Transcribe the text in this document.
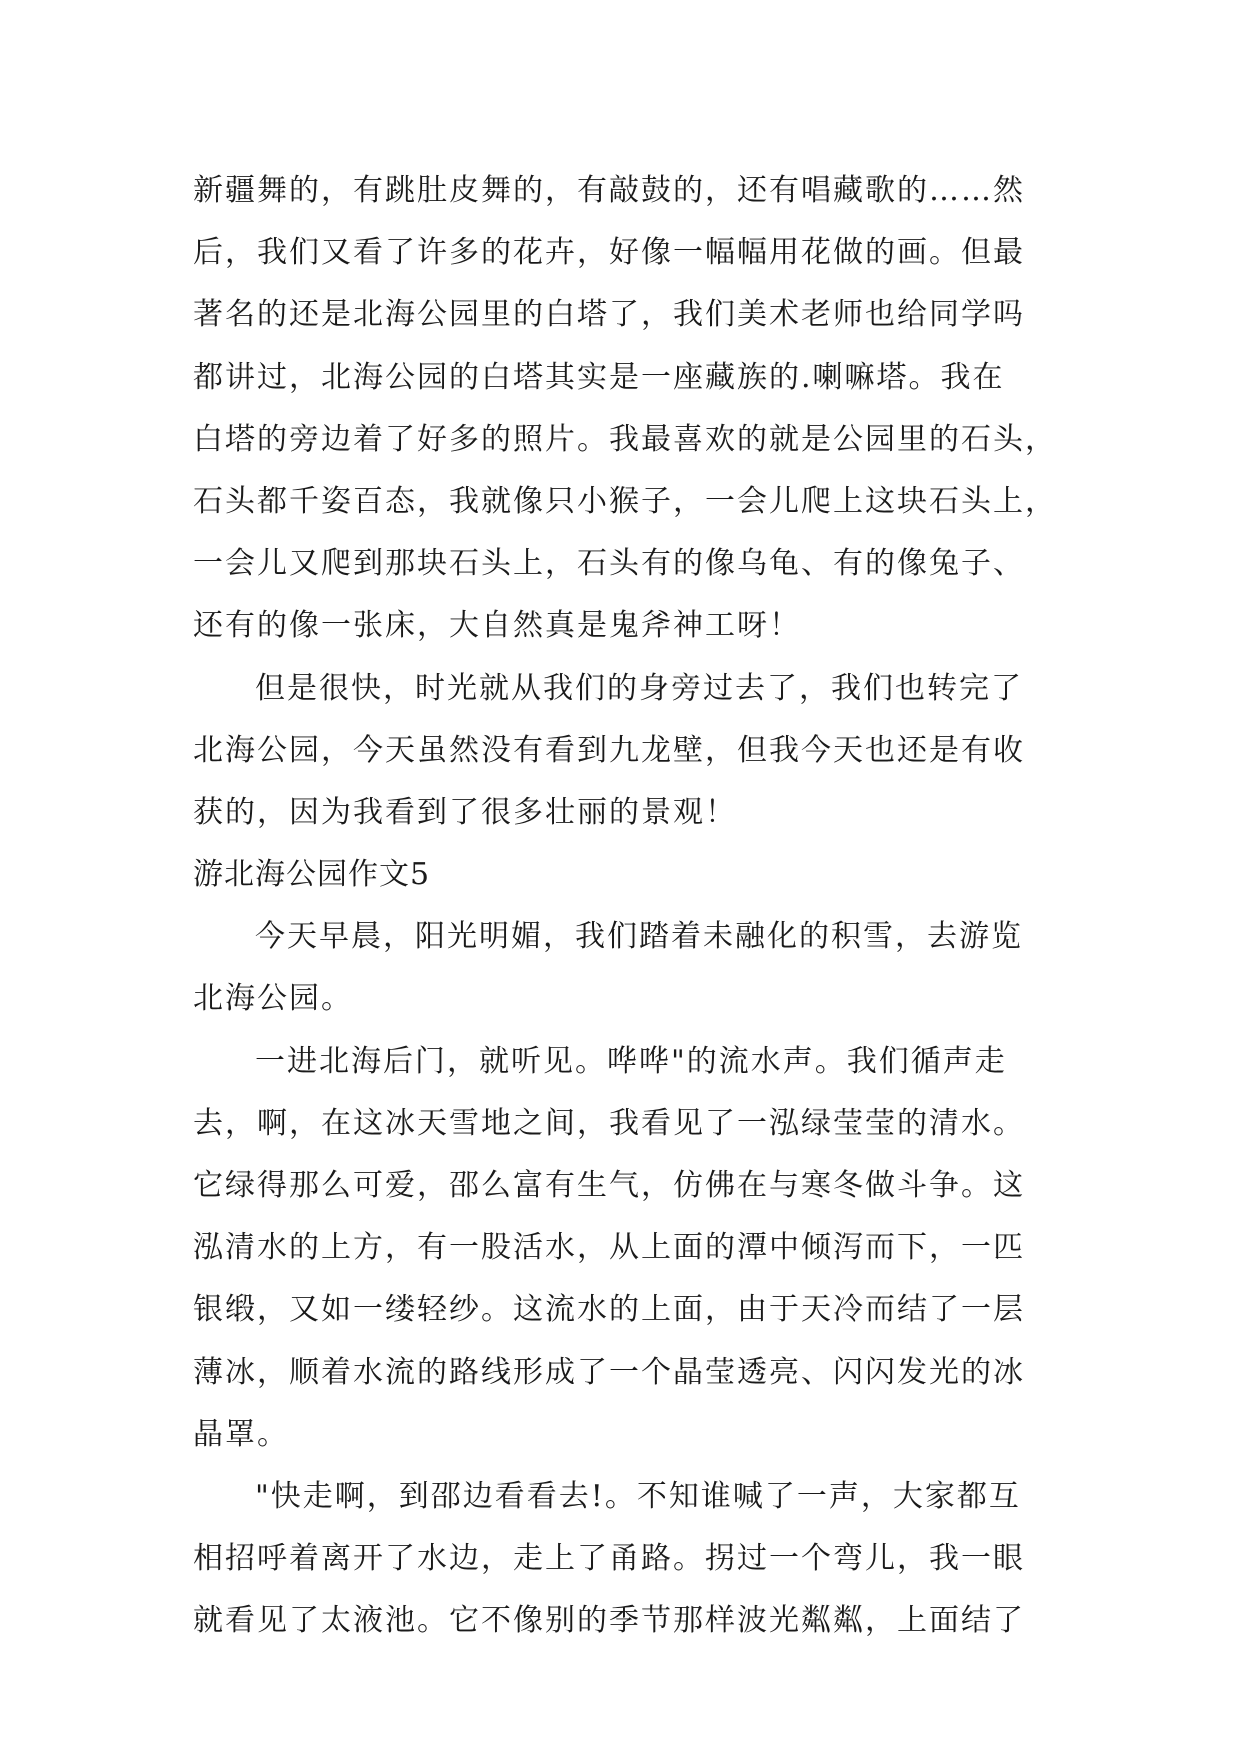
新疆舞的，有跳肚皮舞的，有敲鼓的，还有唱藏歌的……然
后，我们又看了许多的花卉，好像一幅幅用花做的画。但最
著名的还是北海公园里的白塔了，我们美术老师也给同学吗
都讲过，北海公园的白塔其实是一座藏族的.喇嘛塔。我在
白塔的旁边着了好多的照片。我最喜欢的就是公园里的石头，
石头都千姿百态，我就像只小猴子，一会儿爬上这块石头上，
一会儿又爬到那块石头上，石头有的像乌龟、有的像兔子、
还有的像一张床，大自然真是鬼斧神工呀！
但是很快，时光就从我们的身旁过去了，我们也转完了
北海公园，今天虽然没有看到九龙壁，但我今天也还是有收
获的，因为我看到了很多壮丽的景观！
游北海公园作文5
今天早晨，阳光明媚，我们踏着未融化的积雪，去游览
北海公园。
一进北海后门，就听见。哗哗"的流水声。我们循声走
去，啊，在这冰天雪地之间，我看见了一泓绿莹莹的清水。
它绿得那么可爱，邵么富有生气，仿佛在与寒冬做斗争。这
泓清水的上方，有一股活水，从上面的潭中倾泻而下，一匹
银缎，又如一缕轻纱。这流水的上面，由于天冷而结了一层
薄冰，顺着水流的路线形成了一个晶莹透亮、闪闪发光的冰
晶罩。
"快走啊，到邵边看看去!。不知谁喊了一声，大家都互
相招呼着离开了水边，走上了甬路。拐过一个弯儿，我一眼
就看见了太液池。它不像别的季节那样波光粼粼，上面结了
